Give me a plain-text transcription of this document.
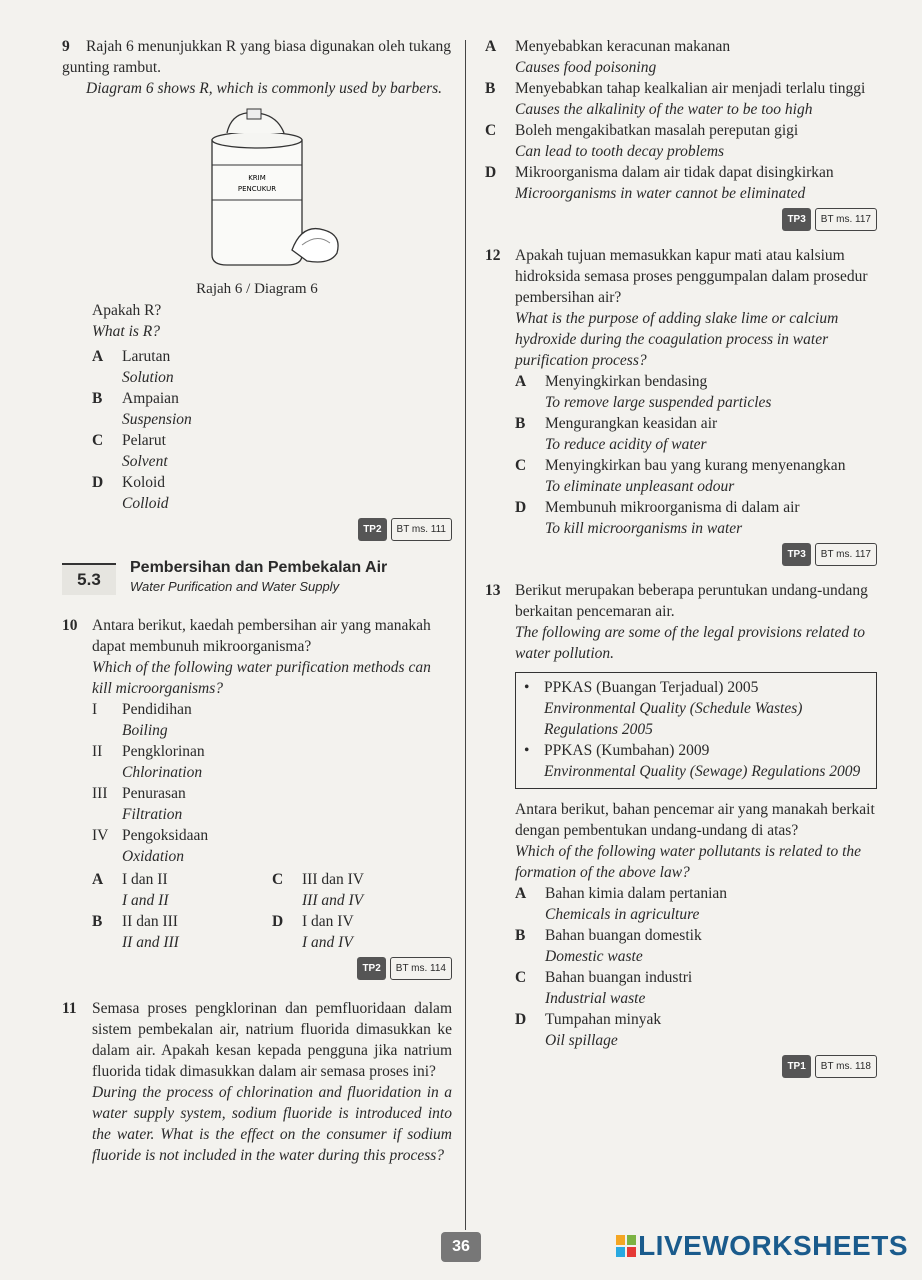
9 Rajah 6 menunjukkan R yang biasa digunakan oleh tukang gunting rambut.
Diagram 6 shows R, which is commonly used by barbers.
KRIM
PENCUKUR
Rajah 6 / Diagram 6
Apakah R?
What is R?
A	Larutan
Solution
B	Ampaian
Suspension
C	Pelarut
Solvent
D	Koloid
Colloid
TP2	BT ms. 111
5.3
Pembersihan dan Pembekalan Air
Water Purification and Water Supply
10 Antara berikut, kaedah pembersihan air yang manakah dapat membunuh mikroorganisma?
Which of the following water purification methods can kill microorganisms?
I	Pendidihan
Boiling
II	Pengklorinan
Chlorination
III Penurasan
Filtration
IV Pengoksidaan
Oxidation
A	I dan II
I and II
C	III dan IV
III and IV
B	II dan III
II and III
D	I dan IV
I and IV
TP2	BT ms. 114
11 Semasa proses pengklorinan dan pemfluoridaan dalam sistem pembekalan air, natrium fluorida dimasukkan ke dalam air. Apakah kesan kepada pengguna jika natrium fluorida tidak dimasukkan dalam air semasa proses ini?
During the process of chlorination and fluoridation in a water supply system, sodium fluoride is introduced into the water. What is the effect on the consumer if sodium fluoride is not included in the water during this process?
A	Menyebabkan keracunan makanan
Causes food poisoning
B	Menyebabkan tahap kealkalian air menjadi terlalu tinggi
Causes the alkalinity of the water to be too high
C	Boleh mengakibatkan masalah pereputan gigi
Can lead to tooth decay problems
D	Mikroorganisma dalam air tidak dapat disingkirkan
Microorganisms in water cannot be eliminated
TP3	BT ms. 117
12 Apakah tujuan memasukkan kapur mati atau kalsium hidroksida semasa proses penggumpalan dalam prosedur pembersihan air?
What is the purpose of adding slake lime or calcium hydroxide during the coagulation process in water purification process?
A	Menyingkirkan bendasing
To remove large suspended particles
B	Mengurangkan keasidan air
To reduce acidity of water
C	Menyingkirkan bau yang kurang menyenangkan
To eliminate unpleasant odour
D	Membunuh mikroorganisma di dalam air
To kill microorganisms in water
TP3	BT ms. 117
13 Berikut merupakan beberapa peruntukan undang-undang berkaitan pencemaran air.
The following are some of the legal provisions related to water pollution.
• PPKAS (Buangan Terjadual) 2005
Environmental Quality (Schedule Wastes) Regulations 2005
• PPKAS (Kumbahan) 2009
Environmental Quality (Sewage) Regulations 2009
Antara berikut, bahan pencemar air yang manakah berkait dengan pembentukan undang-undang di atas?
Which of the following water pollutants is related to the formation of the above law?
A	Bahan kimia dalam pertanian
Chemicals in agriculture
B	Bahan buangan domestik
Domestic waste
C	Bahan buangan industri
Industrial waste
D	Tumpahan minyak
Oil spillage
TP1	BT ms. 118
36	LIVEWORKSHEETS
